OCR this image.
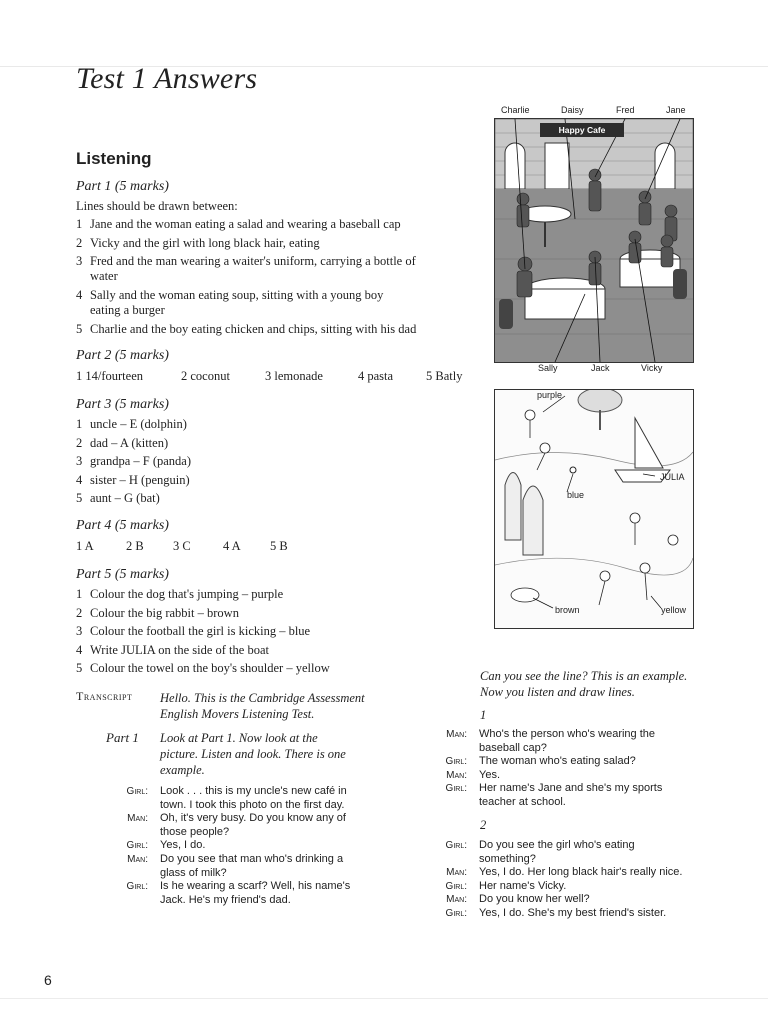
Test 1 Answers
Listening
Part 1 (5 marks)
Lines should be drawn between:
1 Jane and the woman eating a salad and wearing a baseball cap
2 Vicky and the girl with long black hair, eating
3 Fred and the man wearing a waiter's uniform, carrying a bottle of water
4 Sally and the woman eating soup, sitting with a young boy eating a burger
5 Charlie and the boy eating chicken and chips, sitting with his dad
Part 2 (5 marks)
1 14/fourteen	2 coconut	3 lemonade	4 pasta	5 Batly
Part 3 (5 marks)
1 uncle – E (dolphin)
2 dad – A (kitten)
3 grandpa – F (panda)
4 sister – H (penguin)
5 aunt – G (bat)
Part 4 (5 marks)
1 A	2 B	3 C	4 A	5 B
Part 5 (5 marks)
1 Colour the dog that's jumping – purple
2 Colour the big rabbit – brown
3 Colour the football the girl is kicking – blue
4 Write JULIA on the side of the boat
5 Colour the towel on the boy's shoulder – yellow
Charlie	Daisy	Fred	Jane
Happy Cafe
Sally	Jack	Vicky
purple
JULIA
blue
brown	yellow
Transcript Hello. This is the Cambridge Assessment
English Movers Listening Test.
Part 1 Look at Part 1. Now look at the
picture. Listen and look. There is one
example.
Girl:	Look . . . this is my uncle's new café in
town. I took this photo on the first day.
Man:	Oh, it's very busy. Do you know any of
those people?
Girl:	Yes, I do.
Man:	Do you see that man who's drinking a
glass of milk?
Girl:	Is he wearing a scarf? Well, his name's
Jack. He's my friend's dad.
Can you see the line? This is an example.
Now you listen and draw lines.
1
Man:	Who's the person who's wearing the
baseball cap?
Girl:	The woman who's eating salad?
Man:	Yes.
Girl:	Her name's Jane and she's my sports
teacher at school.
2
Girl:	Do you see the girl who's eating
something?
Man:	Yes, I do. Her long black hair's really nice.
Girl:	Her name's Vicky.
Man:	Do you know her well?
Girl:	Yes, I do. She's my best friend's sister.
6
